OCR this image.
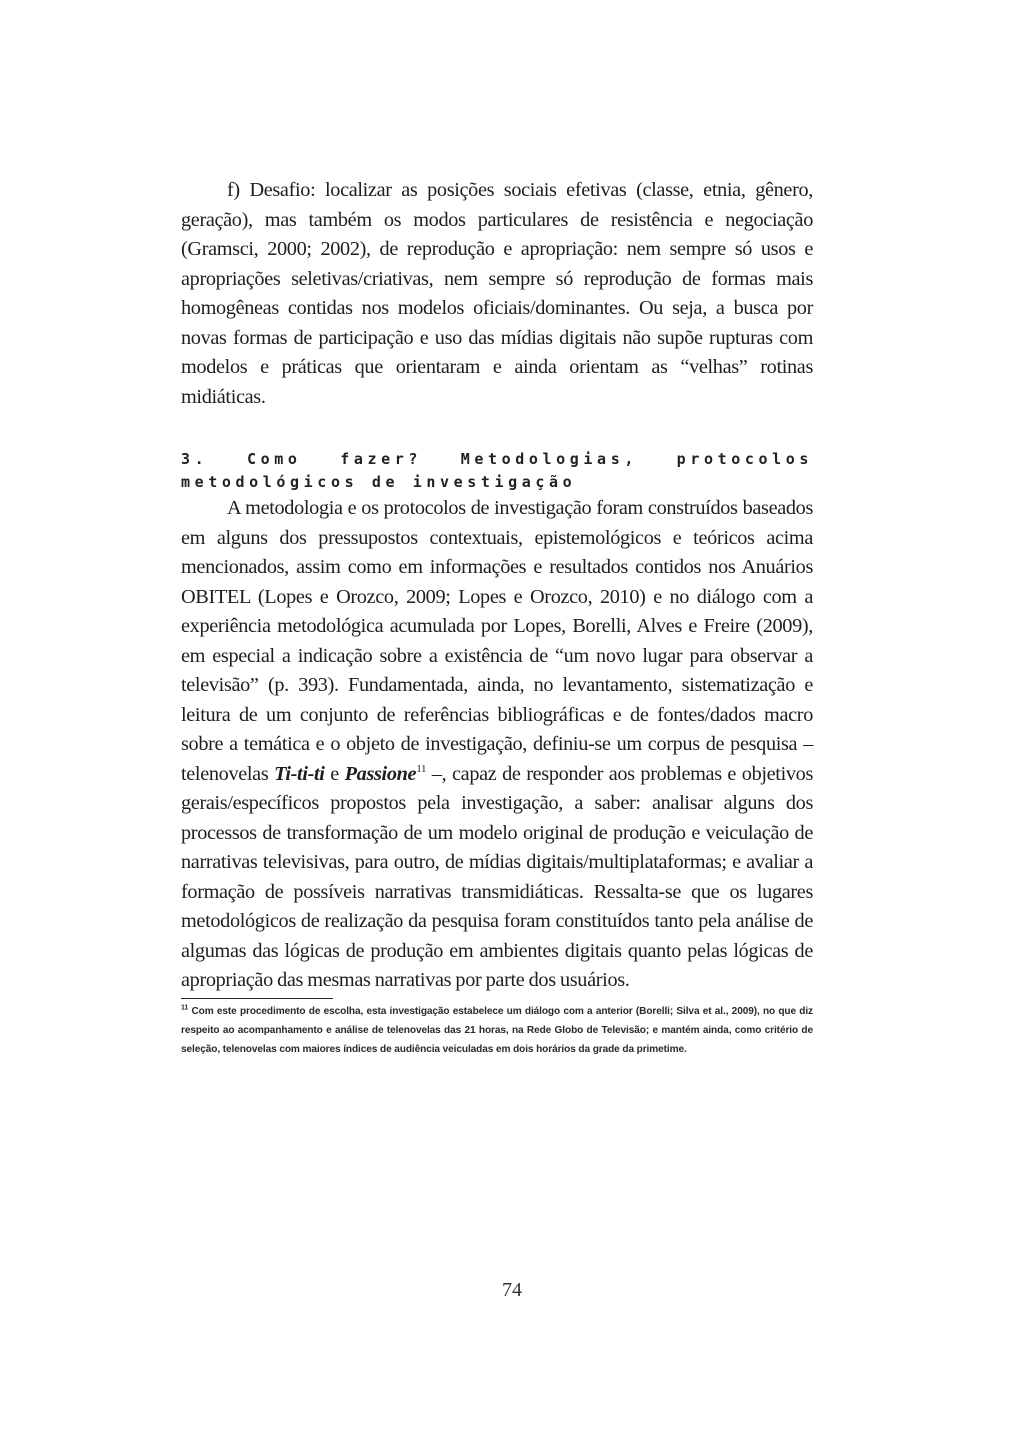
f) Desafio: localizar as posições sociais efetivas (classe, etnia, gênero, geração), mas também os modos particulares de resistência e negociação (Gramsci, 2000; 2002), de reprodução e apropriação: nem sempre só usos e apropriações seletivas/criativas, nem sempre só reprodução de formas mais homogêneas contidas nos modelos oficiais/dominantes. Ou seja, a busca por novas formas de participação e uso das mídias digitais não supõe rupturas com modelos e práticas que orientaram e ainda orientam as “velhas” rotinas midiáticas.

3. Como fazer? Metodologias, protocolos metodológicos de investigação

A metodologia e os protocolos de investigação foram construídos baseados em alguns dos pressupostos contextuais, epistemológicos e teóricos acima mencionados, assim como em informações e resultados contidos nos Anuários OBITEL (Lopes e Orozco, 2009; Lopes e Orozco, 2010) e no diálogo com a experiência metodológica acumulada por Lopes, Borelli, Alves e Freire (2009), em especial a indicação sobre a existência de “um novo lugar para observar a televisão” (p. 393). Fundamentada, ainda, no levantamento, sistematização e leitura de um conjunto de referências bibliográficas e de fontes/dados macro sobre a temática e o objeto de investigação, definiu-se um corpus de pesquisa – telenovelas Ti-ti-ti e Passione$^{11}$ –, capaz de responder aos problemas e objetivos gerais/específicos propostos pela investigação, a saber: analisar alguns dos processos de transformação de um modelo original de produção e veiculação de narrativas televisivas, para outro, de mídias digitais/multiplataformas; e avaliar a formação de possíveis narrativas transmidiáticas. Ressalta-se que os lugares metodológicos de realização da pesquisa foram constituídos tanto pela análise de algumas das lógicas de produção em ambientes digitais quanto pelas lógicas de apropriação das mesmas narrativas por parte dos usuários.

$^{11}$ Com este procedimento de escolha, esta investigação estabelece um diálogo com a anterior (Borelli; Silva et al., 2009), no que diz respeito ao acompanhamento e análise de telenovelas das 21 horas, na Rede Globo de Televisão; e mantém ainda, como critério de seleção, telenovelas com maiores índices de audiência veiculadas em dois horários da grade da primetime.

74
